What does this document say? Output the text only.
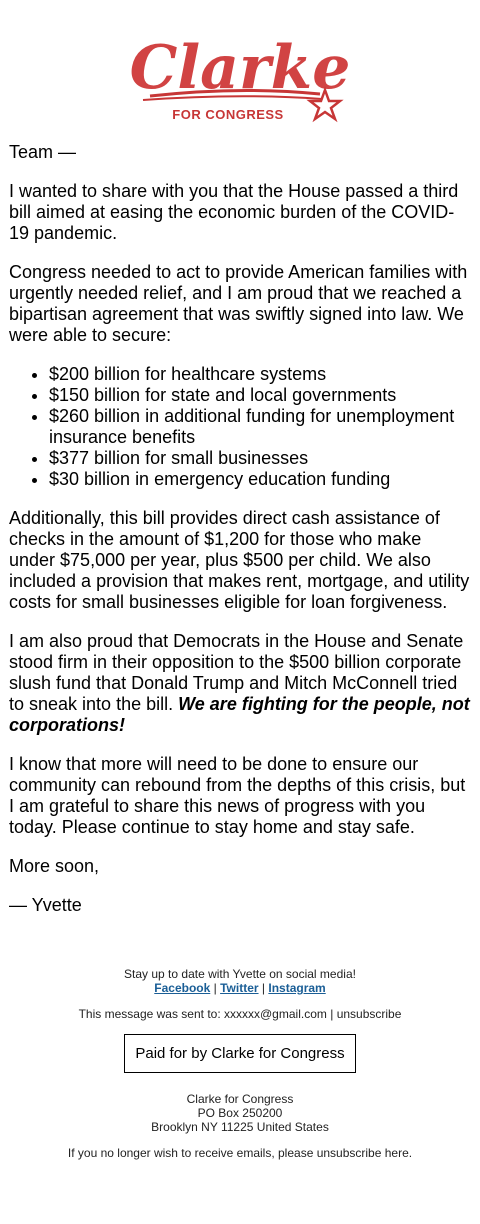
Clarke
FOR CONGRESS

Team —

I wanted to share with you that the House passed a third bill aimed at easing the economic burden of the COVID-19 pandemic.

Congress needed to act to provide American families with urgently needed relief, and I am proud that we reached a bipartisan agreement that was swiftly signed into law. We were able to secure:

• $200 billion for healthcare systems
• $150 billion for state and local governments
• $260 billion in additional funding for unemployment insurance benefits
• $377 billion for small businesses
• $30 billion in emergency education funding

Additionally, this bill provides direct cash assistance of checks in the amount of $1,200 for those who make under $75,000 per year, plus $500 per child. We also included a provision that makes rent, mortgage, and utility costs for small businesses eligible for loan forgiveness.

I am also proud that Democrats in the House and Senate stood firm in their opposition to the $500 billion corporate slush fund that Donald Trump and Mitch McConnell tried to sneak into the bill. We are fighting for the people, not corporations!

I know that more will need to be done to ensure our community can rebound from the depths of this crisis, but I am grateful to share this news of progress with you today. Please continue to stay home and stay safe.

More soon,

— Yvette

Stay up to date with Yvette on social media!
Facebook | Twitter | Instagram
This message was sent to: xxxxxx@gmail.com | unsubscribe
Paid for by Clarke for Congress
Clarke for Congress
PO Box 250200
Brooklyn NY 11225 United States
If you no longer wish to receive emails, please unsubscribe here.
